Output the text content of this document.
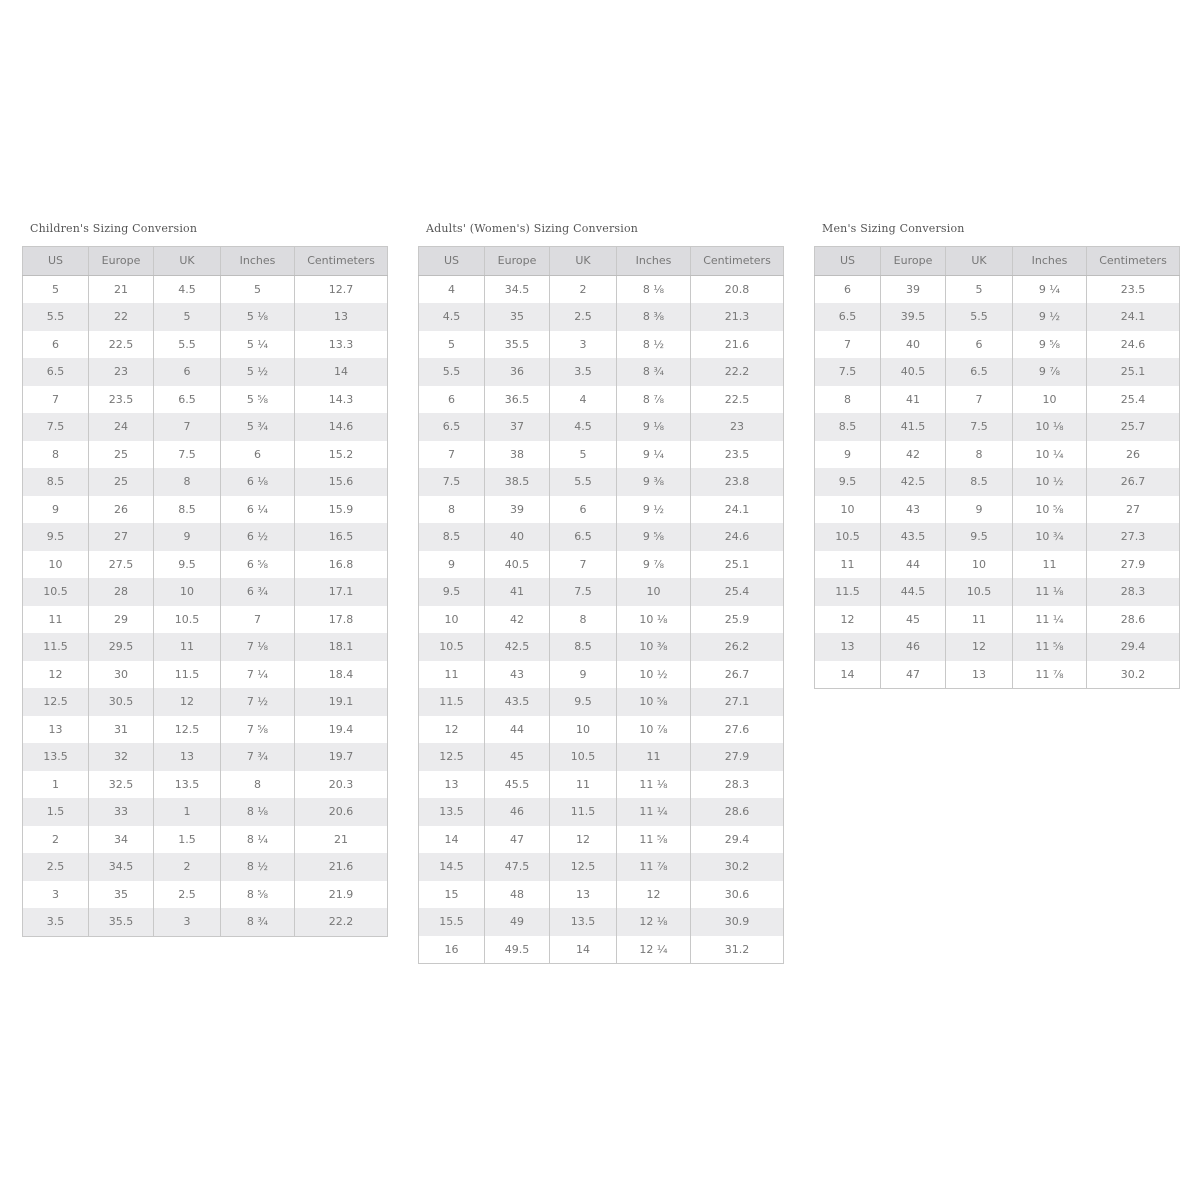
Children's Sizing Conversion
US	Europe	UK	Inches	Centimeters
5	21	4.5	5	12.7
5.5	22	5	5 ⅛	13
6	22.5	5.5	5 ¼	13.3
6.5	23	6	5 ½	14
7	23.5	6.5	5 ⅝	14.3
7.5	24	7	5 ¾	14.6
8	25	7.5	6	15.2
8.5	25	8	6 ⅛	15.6
9	26	8.5	6 ¼	15.9
9.5	27	9	6 ½	16.5
10	27.5	9.5	6 ⅝	16.8
10.5	28	10	6 ¾	17.1
11	29	10.5	7	17.8
11.5	29.5	11	7 ⅛	18.1
12	30	11.5	7 ¼	18.4
12.5	30.5	12	7 ½	19.1
13	31	12.5	7 ⅝	19.4
13.5	32	13	7 ¾	19.7
1	32.5	13.5	8	20.3
1.5	33	1	8 ⅛	20.6
2	34	1.5	8 ¼	21
2.5	34.5	2	8 ½	21.6
3	35	2.5	8 ⅝	21.9
3.5	35.5	3	8 ¾	22.2
Adults' (Women's) Sizing Conversion
US	Europe	UK	Inches	Centimeters
4	34.5	2	8 ⅛	20.8
4.5	35	2.5	8 ⅜	21.3
5	35.5	3	8 ½	21.6
5.5	36	3.5	8 ¾	22.2
6	36.5	4	8 ⅞	22.5
6.5	37	4.5	9 ⅛	23
7	38	5	9 ¼	23.5
7.5	38.5	5.5	9 ⅜	23.8
8	39	6	9 ½	24.1
8.5	40	6.5	9 ⅝	24.6
9	40.5	7	9 ⅞	25.1
9.5	41	7.5	10	25.4
10	42	8	10 ⅛	25.9
10.5	42.5	8.5	10 ⅜	26.2
11	43	9	10 ½	26.7
11.5	43.5	9.5	10 ⅝	27.1
12	44	10	10 ⅞	27.6
12.5	45	10.5	11	27.9
13	45.5	11	11 ⅛	28.3
13.5	46	11.5	11 ¼	28.6
14	47	12	11 ⅝	29.4
14.5	47.5	12.5	11 ⅞	30.2
15	48	13	12	30.6
15.5	49	13.5	12 ⅛	30.9
16	49.5	14	12 ¼	31.2
Men's Sizing Conversion
US	Europe	UK	Inches	Centimeters
6	39	5	9 ¼	23.5
6.5	39.5	5.5	9 ½	24.1
7	40	6	9 ⅝	24.6
7.5	40.5	6.5	9 ⅞	25.1
8	41	7	10	25.4
8.5	41.5	7.5	10 ⅛	25.7
9	42	8	10 ¼	26
9.5	42.5	8.5	10 ½	26.7
10	43	9	10 ⅝	27
10.5	43.5	9.5	10 ¾	27.3
11	44	10	11	27.9
11.5	44.5	10.5	11 ⅛	28.3
12	45	11	11 ¼	28.6
13	46	12	11 ⅝	29.4
14	47	13	11 ⅞	30.2
